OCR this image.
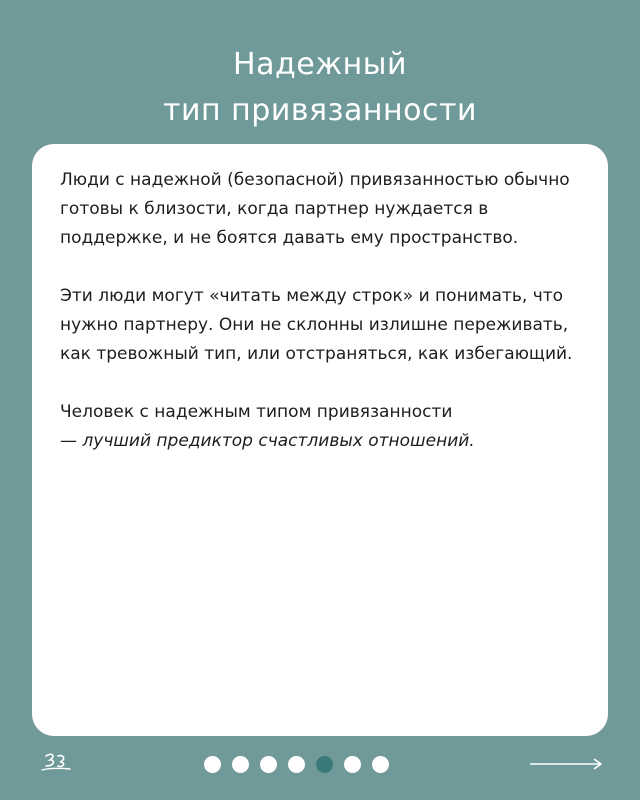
Надежный
тип привязанности

Люди с надежной (безопасной) привязанностью обычно готовы к близости, когда партнер нуждается в поддержке, и не боятся давать ему пространство.

Эти люди могут «читать между строк» и понимать, что нужно партнеру. Они не склонны излишне переживать, как тревожный тип, или отстраняться, как избегающий.

Человек с надежным типом привязанности
— лучший предиктор счастливых отношений.
